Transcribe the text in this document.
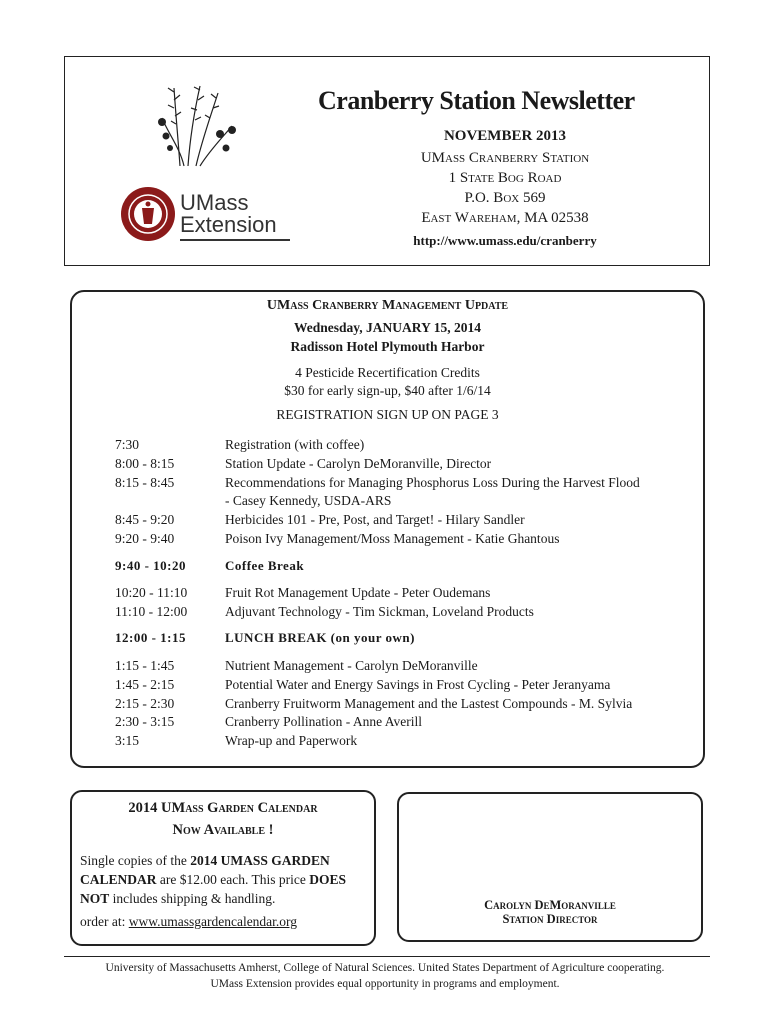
UMass
Extension
Cranberry Station Newsletter
NOVEMBER 2013
UMass Cranberry Station
1 State Bog Road
P.O. Box 569
East Wareham, MA 02538
http://www.umass.edu/cranberry
UMass Cranberry Management Update
Wednesday, JANUARY 15, 2014
Radisson Hotel Plymouth Harbor
4 Pesticide Recertification Credits
$30 for early sign-up, $40 after 1/6/14
REGISTRATION SIGN UP ON PAGE 3
7:30	Registration (with coffee)
8:00 - 8:15	Station Update - Carolyn DeMoranville, Director
8:15 - 8:45	Recommendations for Managing Phosphorus Loss During the Harvest Flood
- Casey Kennedy, USDA-ARS
8:45 - 9:20	Herbicides 101 - Pre, Post, and Target! - Hilary Sandler
9:20 - 9:40	Poison Ivy Management/Moss Management - Katie Ghantous
9:40 - 10:20	Coffee Break
10:20 - 11:10	Fruit Rot Management Update - Peter Oudemans
11:10 - 12:00	Adjuvant Technology - Tim Sickman, Loveland Products
12:00 - 1:15	LUNCH BREAK (on your own)
1:15 - 1:45	Nutrient Management - Carolyn DeMoranville
1:45 - 2:15	Potential Water and Energy Savings in Frost Cycling - Peter Jeranyama
2:15 - 2:30	Cranberry Fruitworm Management and the Lastest Compounds - M. Sylvia
2:30 - 3:15	Cranberry Pollination - Anne Averill
3:15	Wrap-up and Paperwork
2014 UMass Garden Calendar
Now Available !
Single copies of the 2014 UMASS GARDEN
CALENDAR are $12.00 each. This price DOES
NOT includes shipping & handling.
order at: www.umassgardencalendar.org
Carolyn DeMoranville
Station Director
University of Massachusetts Amherst, College of Natural Sciences. United States Department of Agriculture cooperating.
UMass Extension provides equal opportunity in programs and employment.
